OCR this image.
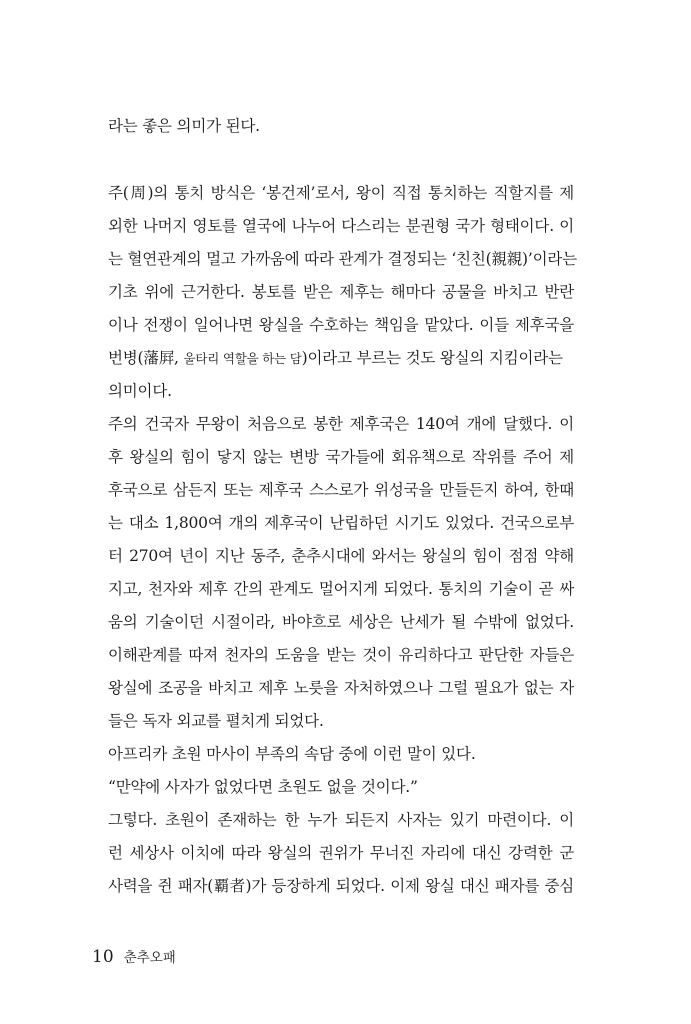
라는 좋은 의미가 된다.
주(周)의 통치 방식은 ‘봉건제’로서, 왕이 직접 통치하는 직할지를 제
외한 나머지 영토를 열국에 나누어 다스리는 분권형 국가 형태이다. 이
는 혈연관계의 멀고 가까움에 따라 관계가 결정되는 ‘친친(親親)’이라는
기초 위에 근거한다. 봉토를 받은 제후는 해마다 공물을 바치고 반란
이나 전쟁이 일어나면 왕실을 수호하는 책임을 맡았다. 이들 제후국을
번병(藩屛, 울타리 역할을 하는 담)이라고 부르는 것도 왕실의 지킴이라는
의미이다.
주의 건국자 무왕이 처음으로 봉한 제후국은 140여 개에 달했다. 이
후 왕실의 힘이 닿지 않는 변방 국가들에 회유책으로 작위를 주어 제
후국으로 삼든지 또는 제후국 스스로가 위성국을 만들든지 하여, 한때
는 대소 1,800여 개의 제후국이 난립하던 시기도 있었다. 건국으로부
터 270여 년이 지난 동주, 춘추시대에 와서는 왕실의 힘이 점점 약해
지고, 천자와 제후 간의 관계도 멀어지게 되었다. 통치의 기술이 곧 싸
움의 기술이던 시절이라, 바야흐로 세상은 난세가 될 수밖에 없었다.
이해관계를 따져 천자의 도움을 받는 것이 유리하다고 판단한 자들은
왕실에 조공을 바치고 제후 노릇을 자처하였으나 그럴 필요가 없는 자
들은 독자 외교를 펼치게 되었다.
아프리카 초원 마사이 부족의 속담 중에 이런 말이 있다.
“만약에 사자가 없었다면 초원도 없을 것이다.”
그렇다. 초원이 존재하는 한 누가 되든지 사자는 있기 마련이다. 이
런 세상사 이치에 따라 왕실의 권위가 무너진 자리에 대신 강력한 군
사력을 쥔 패자(覇者)가 등장하게 되었다. 이제 왕실 대신 패자를 중심
10 춘추오패
